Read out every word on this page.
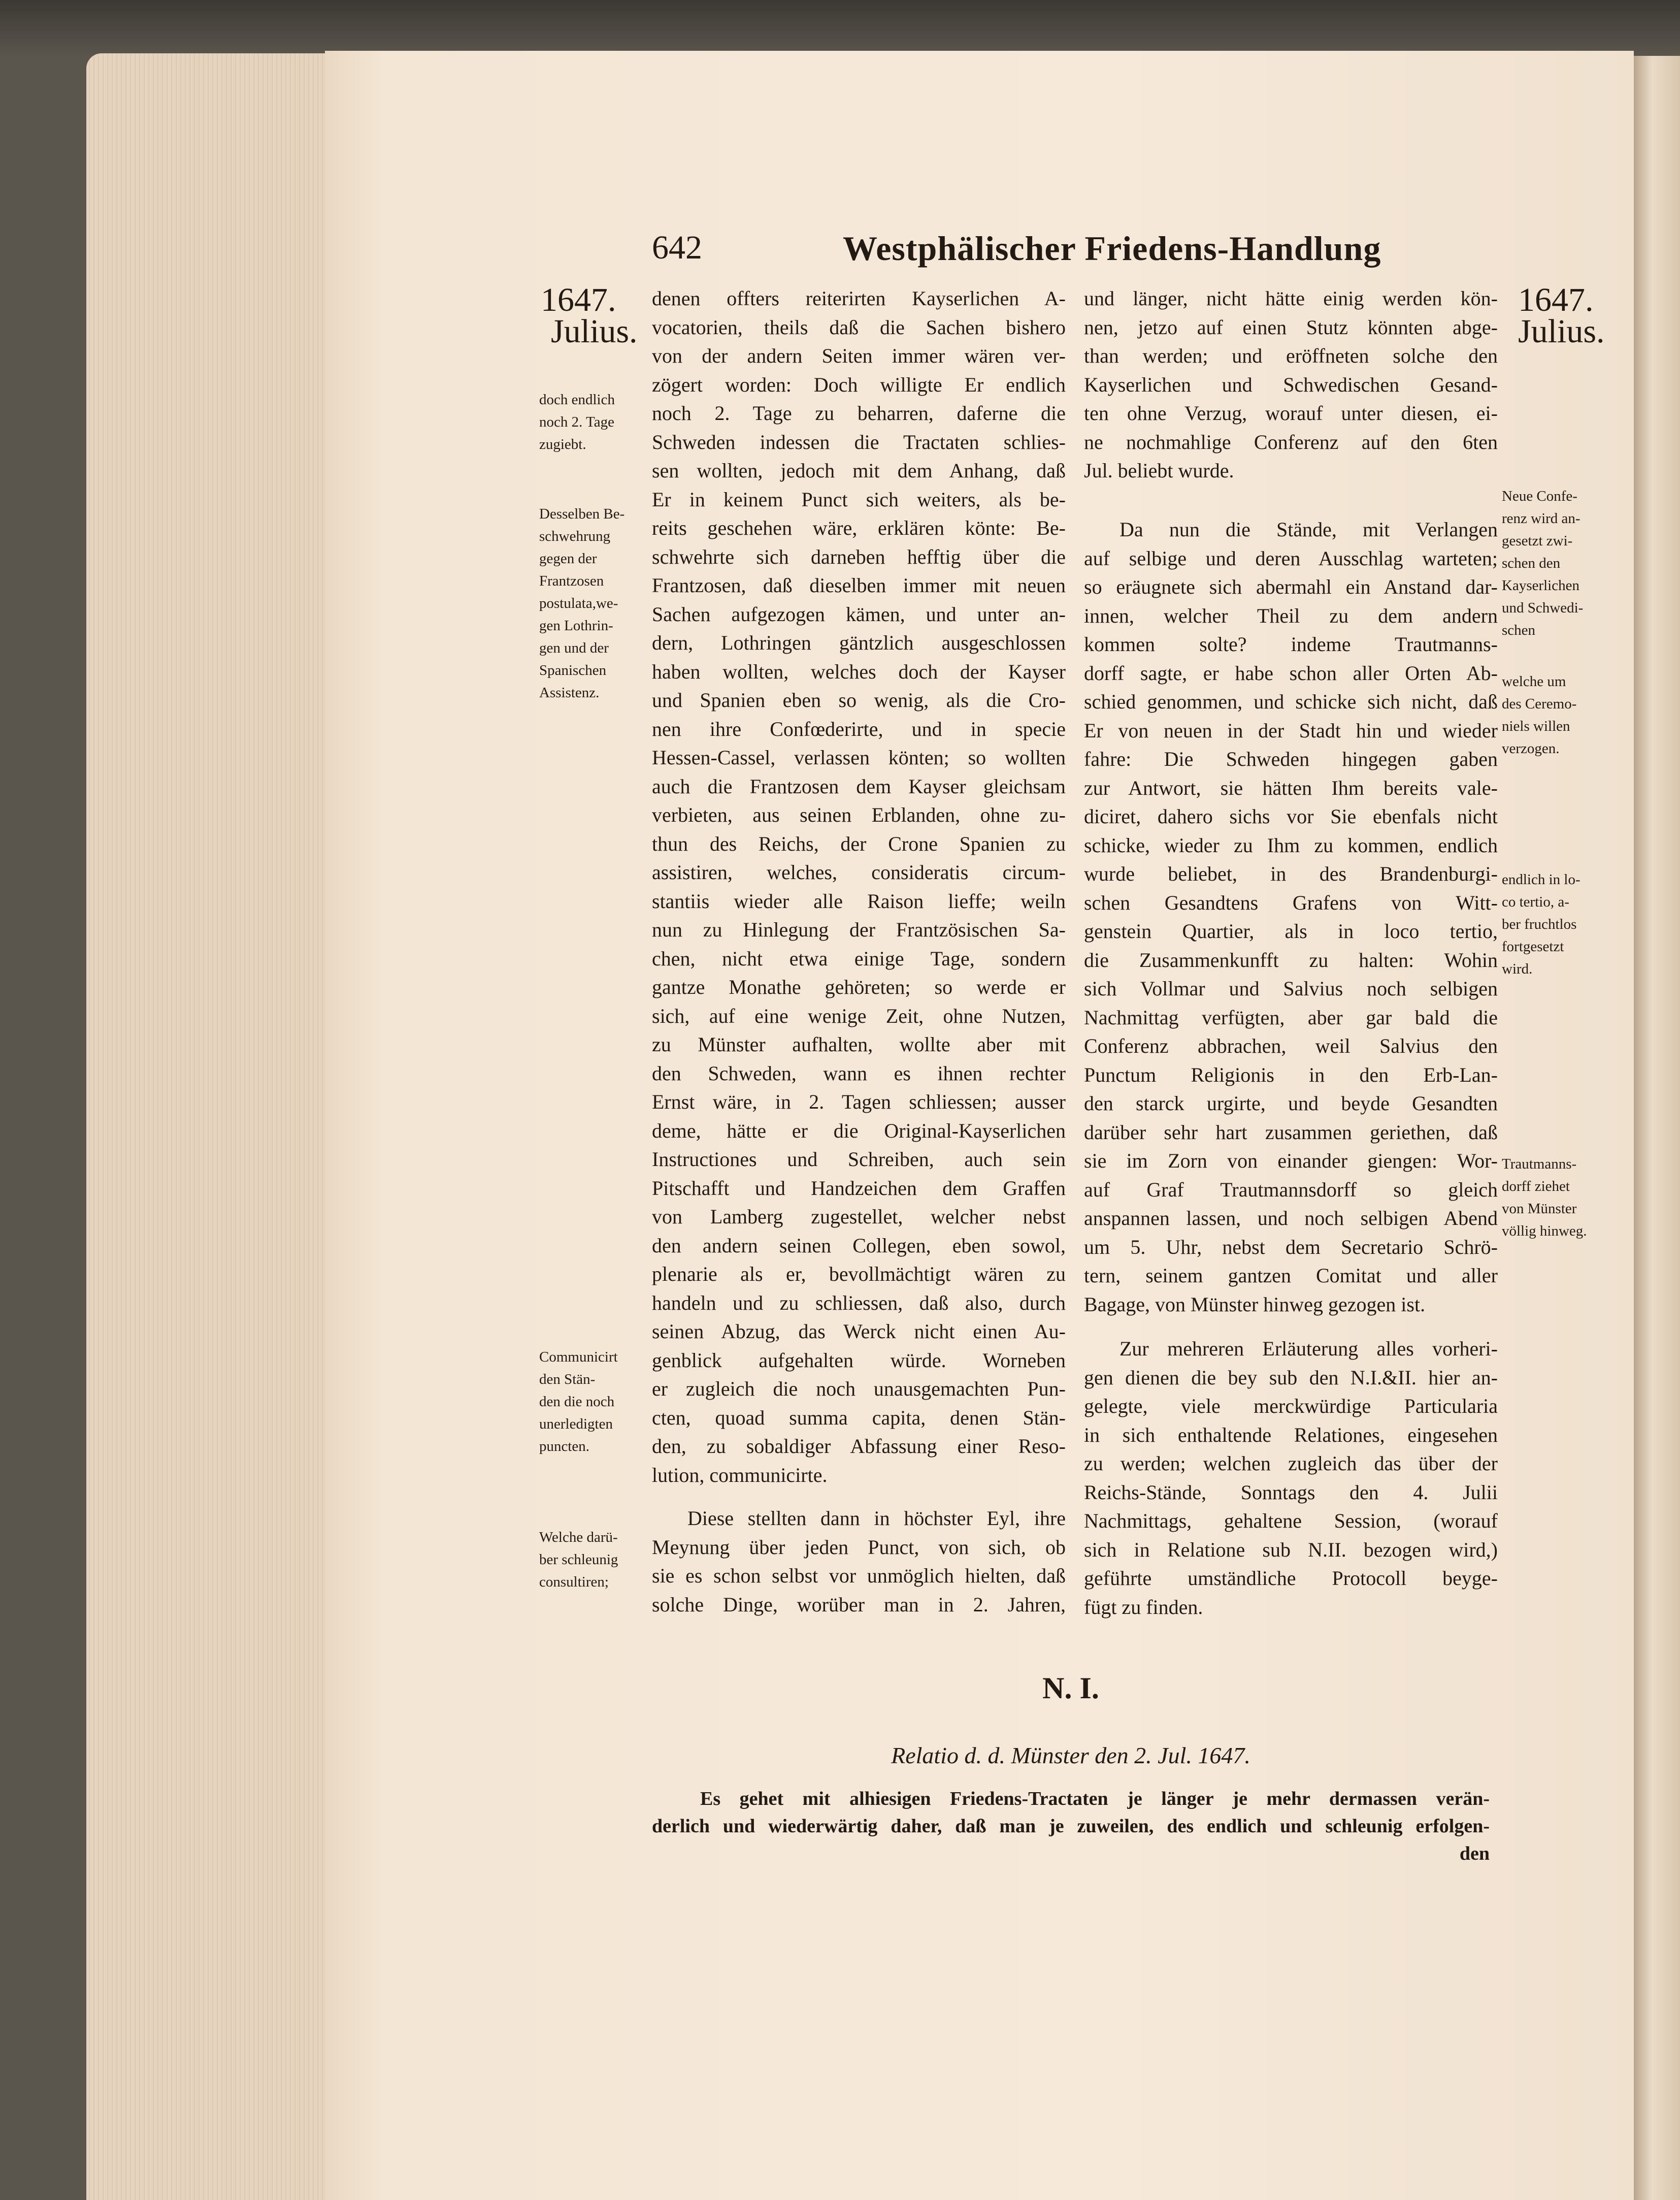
642	Westphälischer Friedens-Handlung
1647.
Julius.
1647.
Julius.
doch endlich
noch 2. Tage
zugiebt.
Desselben Be-
schwehrung
gegen der
Frantzosen
postulata,we-
gen Lothrin-
gen und der
Spanischen
Assistenz.
Communicirt
den Stän-
den die noch
unerledigten
puncten.
Welche darü-
ber schleunig
consultiren;
Neue Confe-
renz wird an-
gesetzt zwi-
schen den
Kayserlichen
und Schwedi-
schen
welche um
des Ceremo-
niels willen
verzogen.
endlich in lo-
co tertio, a-
ber fruchtlos
fortgesetzt
wird.
Trautmanns-
dorff ziehet
von Münster
völlig hinweg.
denen offters reiterirten Kayserlichen A-
vocatorien, theils daß die Sachen bishero
von der andern Seiten immer wären ver-
zögert worden: Doch willigte Er endlich
noch 2. Tage zu beharren, daferne die
Schweden indessen die Tractaten schlies-
sen wollten, jedoch mit dem Anhang, daß
Er in keinem Punct sich weiters, als be-
reits geschehen wäre, erklären könte: Be-
schwehrte sich darneben hefftig über die
Frantzosen, daß dieselben immer mit neuen
Sachen aufgezogen kämen, und unter an-
dern, Lothringen gäntzlich ausgeschlossen
haben wollten, welches doch der Kayser
und Spanien eben so wenig, als die Cro-
nen ihre Confœderirte, und in specie
Hessen-Cassel, verlassen könten; so wollten
auch die Frantzosen dem Kayser gleichsam
verbieten, aus seinen Erblanden, ohne zu-
thun des Reichs, der Crone Spanien zu
assistiren, welches, consideratis circum-
stantiis wieder alle Raison lieffe; weiln
nun zu Hinlegung der Frantzösischen Sa-
chen, nicht etwa einige Tage, sondern
gantze Monathe gehöreten; so werde er
sich, auf eine wenige Zeit, ohne Nutzen,
zu Münster aufhalten, wollte aber mit
den Schweden, wann es ihnen rechter
Ernst wäre, in 2. Tagen schliessen; ausser
deme, hätte er die Original-Kayserlichen
Instructiones und Schreiben, auch sein
Pitschafft und Handzeichen dem Graffen
von Lamberg zugestellet, welcher nebst
den andern seinen Collegen, eben sowol,
plenarie als er, bevollmächtigt wären zu
handeln und zu schliessen, daß also, durch
seinen Abzug, das Werck nicht einen Au-
genblick aufgehalten würde. Worneben
er zugleich die noch unausgemachten Pun-
cten, quoad summa capita, denen Stän-
den, zu sobaldiger Abfassung einer Reso-
lution, communicirte.
Diese stellten dann in höchster Eyl, ihre
Meynung über jeden Punct, von sich, ob
sie es schon selbst vor unmöglich hielten, daß
solche Dinge, worüber man in 2. Jahren,
und länger, nicht hätte einig werden kön-
nen, jetzo auf einen Stutz könnten abge-
than werden; und eröffneten solche den
Kayserlichen und Schwedischen Gesand-
ten ohne Verzug, worauf unter diesen, ei-
ne nochmahlige Conferenz auf den 6ten
Jul. beliebt wurde.
Da nun die Stände, mit Verlangen
auf selbige und deren Ausschlag warteten;
so eräugnete sich abermahl ein Anstand dar-
innen, welcher Theil zu dem andern
kommen solte? indeme Trautmanns-
dorff sagte, er habe schon aller Orten Ab-
schied genommen, und schicke sich nicht, daß
Er von neuen in der Stadt hin und wieder
fahre: Die Schweden hingegen gaben
zur Antwort, sie hätten Ihm bereits vale-
diciret, dahero sichs vor Sie ebenfals nicht
schicke, wieder zu Ihm zu kommen, endlich
wurde beliebet, in des Brandenburgi-
schen Gesandtens Grafens von Witt-
genstein Quartier, als in loco tertio,
die Zusammenkunfft zu halten: Wohin
sich Vollmar und Salvius noch selbigen
Nachmittag verfügten, aber gar bald die
Conferenz abbrachen, weil Salvius den
Punctum Religionis in den Erb-Lan-
den starck urgirte, und beyde Gesandten
darüber sehr hart zusammen geriethen, daß
sie im Zorn von einander giengen: Wor-
auf Graf Trautmannsdorff so gleich
anspannen lassen, und noch selbigen Abend
um 5. Uhr, nebst dem Secretario Schrö-
tern, seinem gantzen Comitat und aller
Bagage, von Münster hinweg gezogen ist.
Zur mehreren Erläuterung alles vorheri-
gen dienen die bey sub den N.I.&II. hier an-
gelegte, viele merckwürdige Particularia
in sich enthaltende Relationes, eingesehen
zu werden; welchen zugleich das über der
Reichs-Stände, Sonntags den 4. Julii
Nachmittags, gehaltene Session, (worauf
sich in Relatione sub N.II. bezogen wird,)
geführte umständliche Protocoll beyge-
fügt zu finden.
N. I.
Relatio d. d. Münster den 2. Jul. 1647.
Es gehet mit alhiesigen Friedens-Tractaten je länger je mehr dermassen verän-
derlich und wiederwärtig daher, daß man je zuweilen, des endlich und schleunig erfolgen-
den
